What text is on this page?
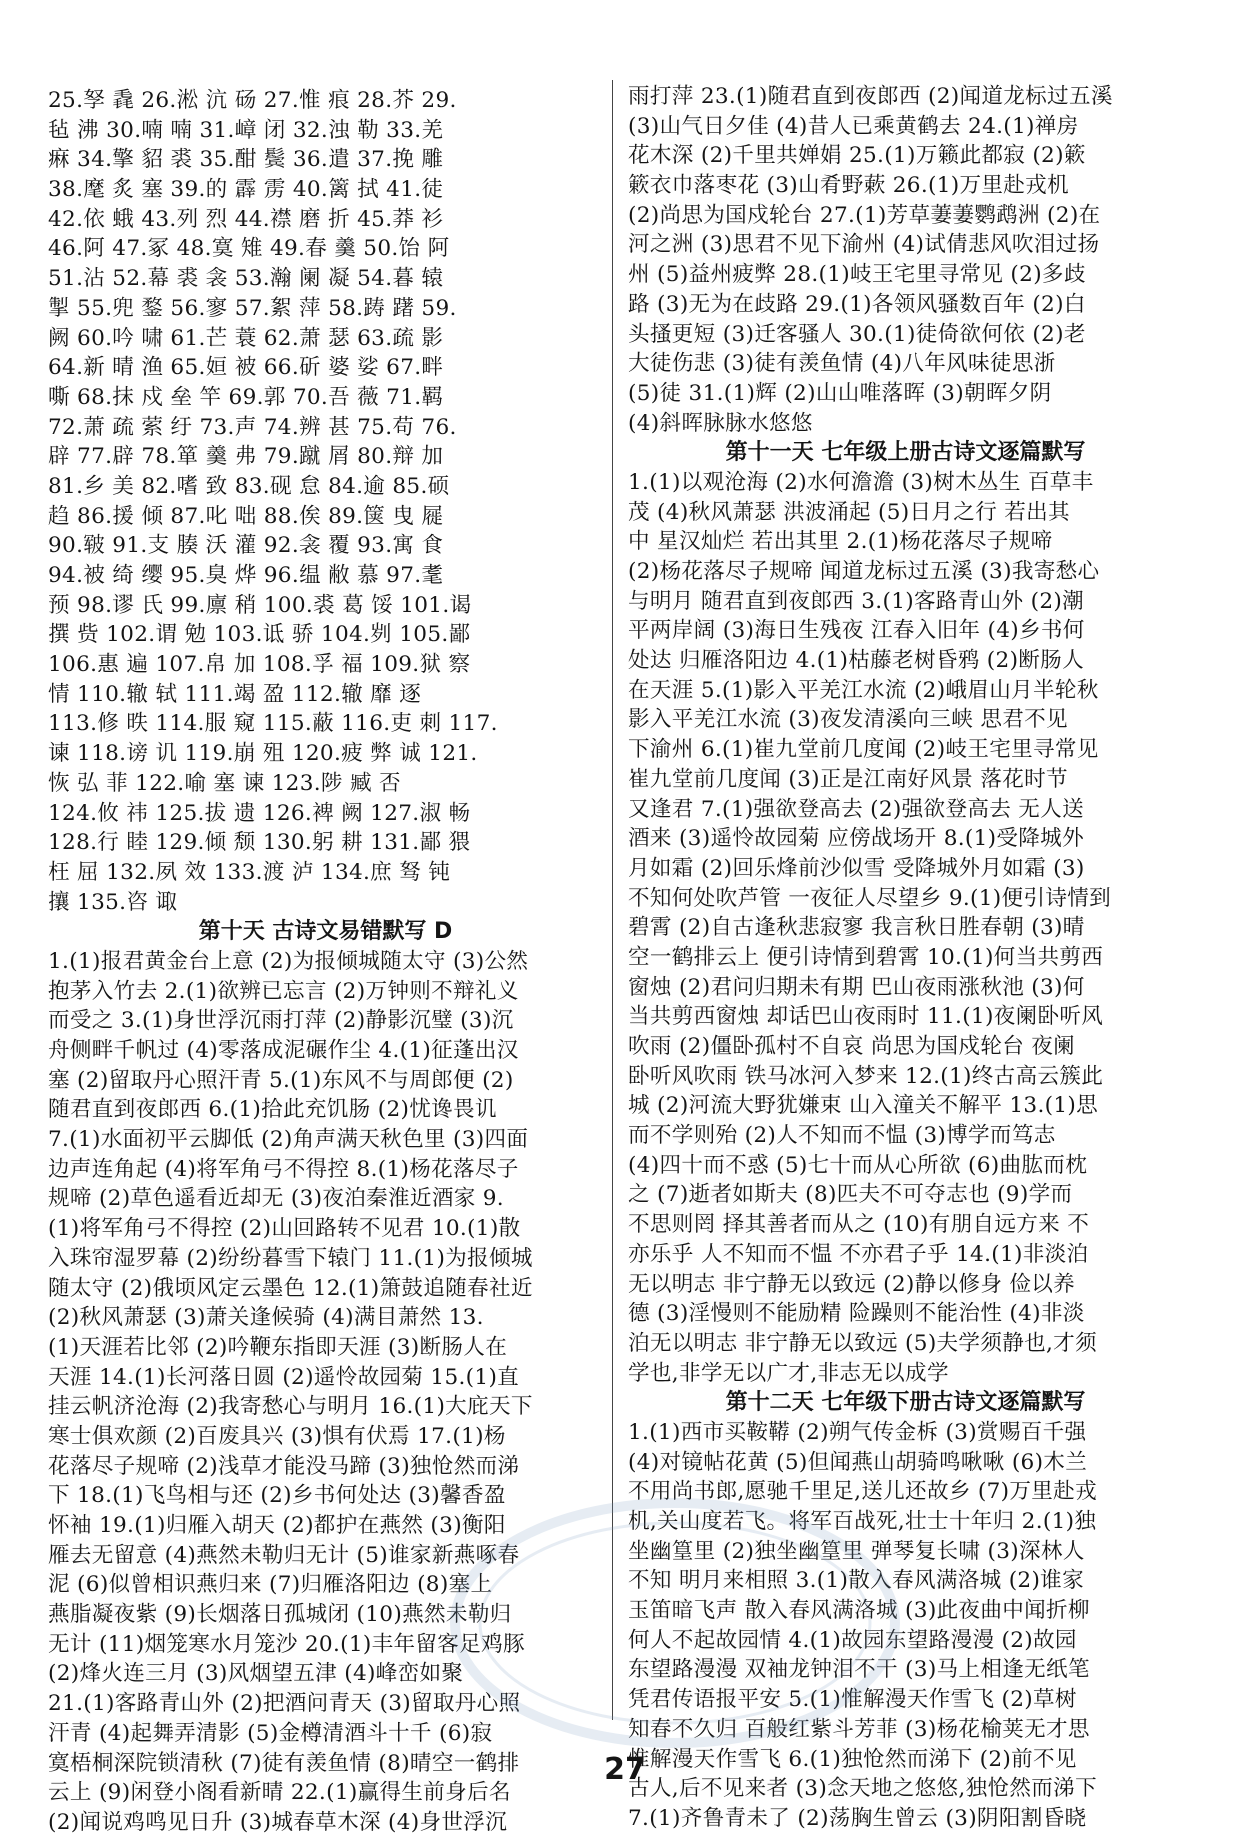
25.孥 毳 26.淞 沆 砀 27.惟 痕 28.芥 29.
毡 沸 30.喃 喃 31.嶂 闭 32.浊 勒 33.羌
痳 34.擎 貂 裘 35.酣 鬓 36.遣 37.挽 雕
38.麾 炙 塞 39.的 霹 雳 40.篱 拭 41.徒
42.依 蛾 43.列 烈 44.襟 磨 折 45.莽 衫
46.阿 47.冢 48.寞 雉 49.春 羹 50.饴 阿
51.沾 52.幕 裘 衾 53.瀚 阑 凝 54.暮 辕
掣 55.兜 鍪 56.寥 57.絮 萍 58.踌 躇 59.
阙 60.吟 啸 61.芒 蓑 62.萧 瑟 63.疏 影
64.新 晴 渔 65.姮 被 66.斫 婆 娑 67.畔
嘶 68.抹 戍 垒 竿 69.郭 70.吾 薇 71.羁
72.萧 疏 萦 纡 73.声 74.辨 甚 75.苟 76.
辟 77.辟 78.箪 羹 弗 79.蹴 屑 80.辩 加
81.乡 美 82.嗜 致 83.砚 怠 84.逾 85.硕
趋 86.援 倾 87.叱 咄 88.俟 89.箧 曳 屣
90.皲 91.支 腠 沃 灌 92.衾 覆 93.寓 食
94.被 绮 缨 95.臭 烨 96.缊 敝 慕 97.耄
预 98.谬 氏 99.廪 稍 100.裘 葛 馁 101.谒
撰 赀 102.谓 勉 103.诋 骄 104.刿 105.鄙
106.惠 遍 107.帛 加 108.孚 福 109.狱 察
情 110.辙 轼 111.竭 盈 112.辙 靡 逐
113.修 昳 114.服 窥 115.蔽 116.吏 刺 117.
谏 118.谤 讥 119.崩 殂 120.疲 弊 诚 121.
恢 弘 菲 122.喻 塞 谏 123.陟 臧 否
124.攸 祎 125.拔 遗 126.裨 阙 127.淑 畅
128.行 睦 129.倾 颓 130.躬 耕 131.鄙 猥
枉 屈 132.夙 效 133.渡 泸 134.庶 驽 钝
攘 135.咨 诹
第十天 古诗文易错默写 D
1.(1)报君黄金台上意 (2)为报倾城随太守 (3)公然
抱茅入竹去 2.(1)欲辨已忘言 (2)万钟则不辩礼义
而受之 3.(1)身世浮沉雨打萍 (2)静影沉璧 (3)沉
舟侧畔千帆过 (4)零落成泥碾作尘 4.(1)征蓬出汉
塞 (2)留取丹心照汗青 5.(1)东风不与周郎便 (2)
随君直到夜郎西 6.(1)拾此充饥肠 (2)忧谗畏讥
7.(1)水面初平云脚低 (2)角声满天秋色里 (3)四面
边声连角起 (4)将军角弓不得控 8.(1)杨花落尽子
规啼 (2)草色遥看近却无 (3)夜泊秦淮近酒家 9.
(1)将军角弓不得控 (2)山回路转不见君 10.(1)散
入珠帘湿罗幕 (2)纷纷暮雪下辕门 11.(1)为报倾城
随太守 (2)俄顷风定云墨色 12.(1)箫鼓追随春社近
(2)秋风萧瑟 (3)萧关逢候骑 (4)满目萧然 13.
(1)天涯若比邻 (2)吟鞭东指即天涯 (3)断肠人在
天涯 14.(1)长河落日圆 (2)遥怜故园菊 15.(1)直
挂云帆济沧海 (2)我寄愁心与明月 16.(1)大庇天下
寒士俱欢颜 (2)百废具兴 (3)惧有伏焉 17.(1)杨
花落尽子规啼 (2)浅草才能没马蹄 (3)独怆然而涕
下 18.(1)飞鸟相与还 (2)乡书何处达 (3)馨香盈
怀袖 19.(1)归雁入胡天 (2)都护在燕然 (3)衡阳
雁去无留意 (4)燕然未勒归无计 (5)谁家新燕啄春
泥 (6)似曾相识燕归来 (7)归雁洛阳边 (8)塞上
燕脂凝夜紫 (9)长烟落日孤城闭 (10)燕然未勒归
无计 (11)烟笼寒水月笼沙 20.(1)丰年留客足鸡豚
(2)烽火连三月 (3)风烟望五津 (4)峰峦如聚
21.(1)客路青山外 (2)把酒问青天 (3)留取丹心照
汗青 (4)起舞弄清影 (5)金樽清酒斗十千 (6)寂
寞梧桐深院锁清秋 (7)徒有羡鱼情 (8)晴空一鹤排
云上 (9)闲登小阁看新晴 22.(1)赢得生前身后名
(2)闻说鸡鸣见日升 (3)城春草木深 (4)身世浮沉
雨打萍 23.(1)随君直到夜郎西 (2)闻道龙标过五溪
(3)山气日夕佳 (4)昔人已乘黄鹤去 24.(1)禅房
花木深 (2)千里共婵娟 25.(1)万籁此都寂 (2)簌
簌衣巾落枣花 (3)山肴野蔌 26.(1)万里赴戎机
(2)尚思为国戍轮台 27.(1)芳草萋萋鹦鹉洲 (2)在
河之洲 (3)思君不见下渝州 (4)试倩悲风吹泪过扬
州 (5)益州疲弊 28.(1)岐王宅里寻常见 (2)多歧
路 (3)无为在歧路 29.(1)各领风骚数百年 (2)白
头搔更短 (3)迁客骚人 30.(1)徒倚欲何依 (2)老
大徒伤悲 (3)徒有羡鱼情 (4)八年风味徒思浙
(5)徒 31.(1)辉 (2)山山唯落晖 (3)朝晖夕阴
(4)斜晖脉脉水悠悠
第十一天 七年级上册古诗文逐篇默写
1.(1)以观沧海 (2)水何澹澹 (3)树木丛生 百草丰
茂 (4)秋风萧瑟 洪波涌起 (5)日月之行 若出其
中 星汉灿烂 若出其里 2.(1)杨花落尽子规啼
(2)杨花落尽子规啼 闻道龙标过五溪 (3)我寄愁心
与明月 随君直到夜郎西 3.(1)客路青山外 (2)潮
平两岸阔 (3)海日生残夜 江春入旧年 (4)乡书何
处达 归雁洛阳边 4.(1)枯藤老树昏鸦 (2)断肠人
在天涯 5.(1)影入平羌江水流 (2)峨眉山月半轮秋
影入平羌江水流 (3)夜发清溪向三峡 思君不见
下渝州 6.(1)崔九堂前几度闻 (2)岐王宅里寻常见
崔九堂前几度闻 (3)正是江南好风景 落花时节
又逢君 7.(1)强欲登高去 (2)强欲登高去 无人送
酒来 (3)遥怜故园菊 应傍战场开 8.(1)受降城外
月如霜 (2)回乐烽前沙似雪 受降城外月如霜 (3)
不知何处吹芦管 一夜征人尽望乡 9.(1)便引诗情到
碧霄 (2)自古逢秋悲寂寥 我言秋日胜春朝 (3)晴
空一鹤排云上 便引诗情到碧霄 10.(1)何当共剪西
窗烛 (2)君问归期未有期 巴山夜雨涨秋池 (3)何
当共剪西窗烛 却话巴山夜雨时 11.(1)夜阑卧听风
吹雨 (2)僵卧孤村不自哀 尚思为国戍轮台 夜阑
卧听风吹雨 铁马冰河入梦来 12.(1)终古高云簇此
城 (2)河流大野犹嫌束 山入潼关不解平 13.(1)思
而不学则殆 (2)人不知而不愠 (3)博学而笃志
(4)四十而不惑 (5)七十而从心所欲 (6)曲肱而枕
之 (7)逝者如斯夫 (8)匹夫不可夺志也 (9)学而
不思则罔 择其善者而从之 (10)有朋自远方来 不
亦乐乎 人不知而不愠 不亦君子乎 14.(1)非淡泊
无以明志 非宁静无以致远 (2)静以修身 俭以养
德 (3)淫慢则不能励精 险躁则不能治性 (4)非淡
泊无以明志 非宁静无以致远 (5)夫学须静也,才须
学也,非学无以广才,非志无以成学
第十二天 七年级下册古诗文逐篇默写
1.(1)西市买鞍鞯 (2)朔气传金柝 (3)赏赐百千强
(4)对镜帖花黄 (5)但闻燕山胡骑鸣啾啾 (6)木兰
不用尚书郎,愿驰千里足,送儿还故乡 (7)万里赴戎
机,关山度若飞。将军百战死,壮士十年归 2.(1)独
坐幽篁里 (2)独坐幽篁里 弹琴复长啸 (3)深林人
不知 明月来相照 3.(1)散入春风满洛城 (2)谁家
玉笛暗飞声 散入春风满洛城 (3)此夜曲中闻折柳
何人不起故园情 4.(1)故园东望路漫漫 (2)故园
东望路漫漫 双袖龙钟泪不干 (3)马上相逢无纸笔
凭君传语报平安 5.(1)惟解漫天作雪飞 (2)草树
知春不久归 百般红紫斗芳菲 (3)杨花榆荚无才思
惟解漫天作雪飞 6.(1)独怆然而涕下 (2)前不见
古人,后不见来者 (3)念天地之悠悠,独怆然而涕下
7.(1)齐鲁青未了 (2)荡胸生曾云 (3)阴阳割昏晓
27
